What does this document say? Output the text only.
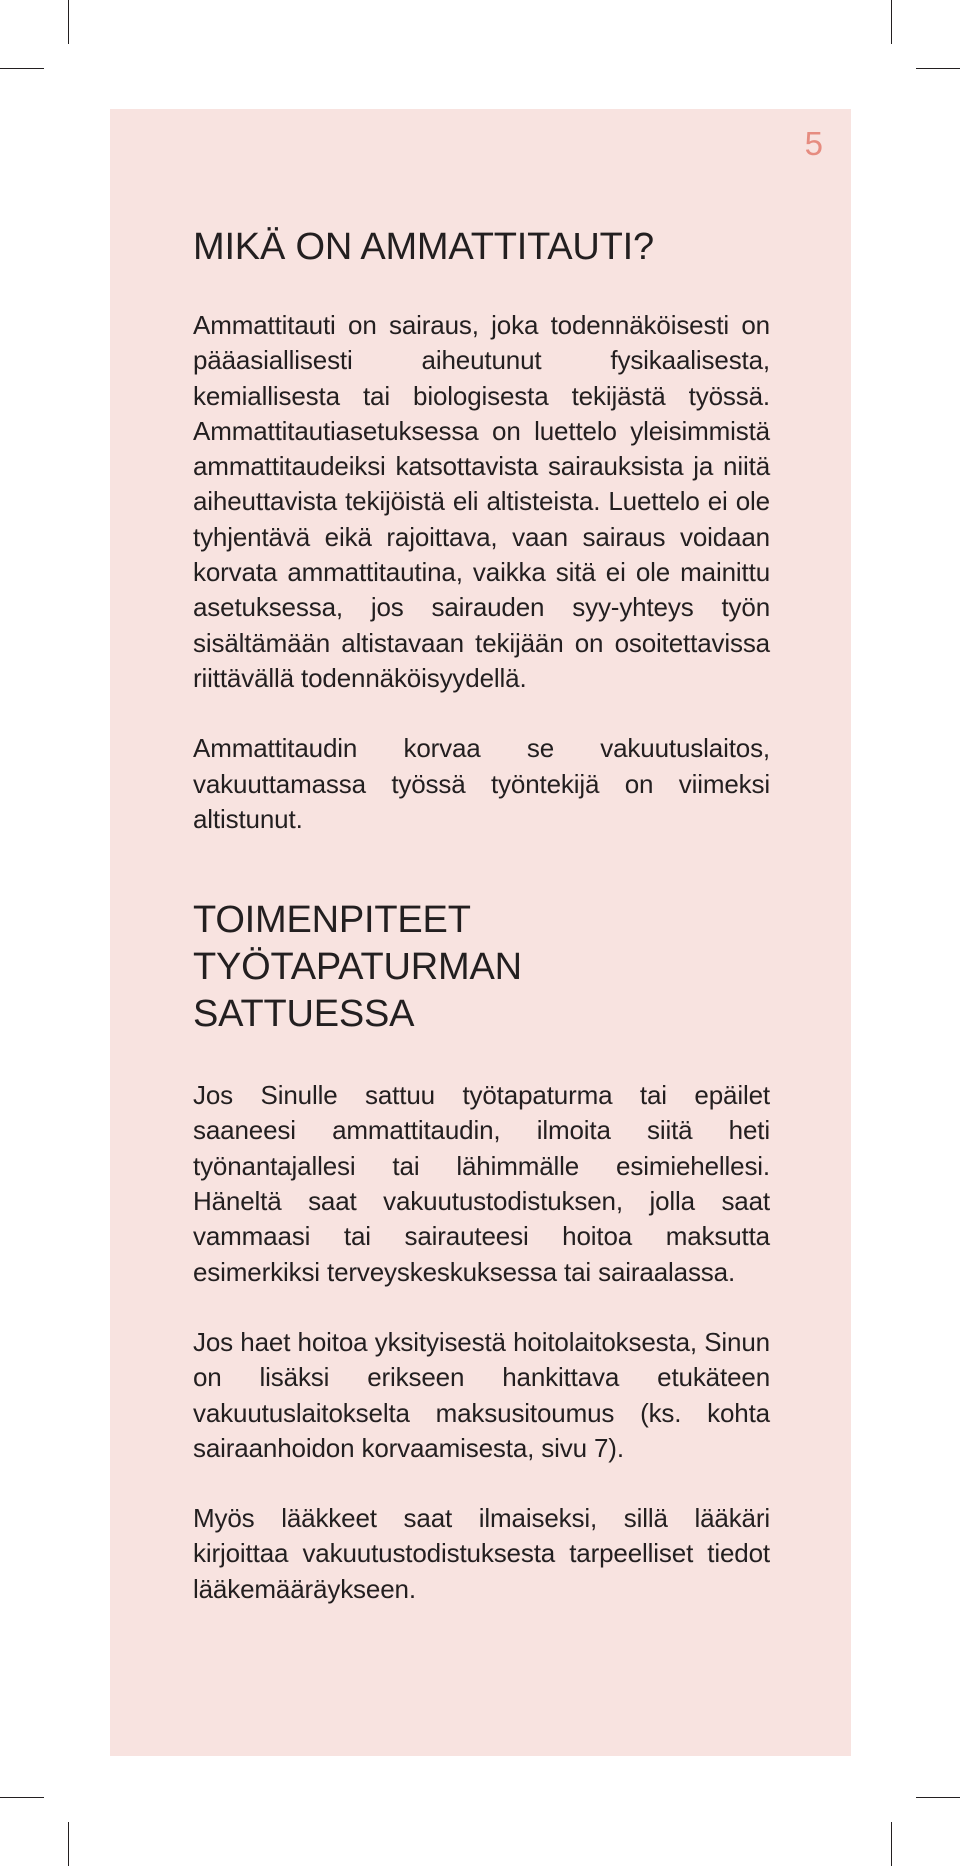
5
MIKÄ ON AMMATTITAUTI?

Ammattitauti on sairaus, joka todennäköisesti on pääasiallisesti aiheutunut fysikaalisesta, kemiallisesta tai biologisesta tekijästä työssä. Ammattitautiasetuksessa on luettelo yleisimmistä ammattitaudeiksi katsottavista sairauksista ja niitä aiheuttavista tekijöistä eli altisteista. Luettelo ei ole tyhjentävä eikä rajoittava, vaan sairaus voidaan korvata ammattitautina, vaikka sitä ei ole mainittu asetuksessa, jos sairauden syy-yhteys työn sisältämään altistavaan tekijään on osoitettavissa riittävällä todennäköisyydellä.

Ammattitaudin korvaa se vakuutuslaitos, vakuuttamassa työssä työntekijä on viimeksi altistunut.

TOIMENPITEET
TYÖTAPATURMAN
SATTUESSA

Jos Sinulle sattuu työtapaturma tai epäilet saaneesi ammattitaudin, ilmoita siitä heti työnantajallesi tai lähimmälle esimiehellesi. Häneltä saat vakuutustodistuksen, jolla saat vammaasi tai sairauteesi hoitoa maksutta esimerkiksi terveyskeskuksessa tai sairaalassa.

Jos haet hoitoa yksityisestä hoitolaitoksesta, Sinun on lisäksi erikseen hankittava etukäteen vakuutuslaitokselta maksusitoumus (ks. kohta sairaanhoidon korvaamisesta, sivu 7).

Myös lääkkeet saat ilmaiseksi, sillä lääkäri kirjoittaa vakuutustodistuksesta tarpeelliset tiedot lääkemääräykseen.
